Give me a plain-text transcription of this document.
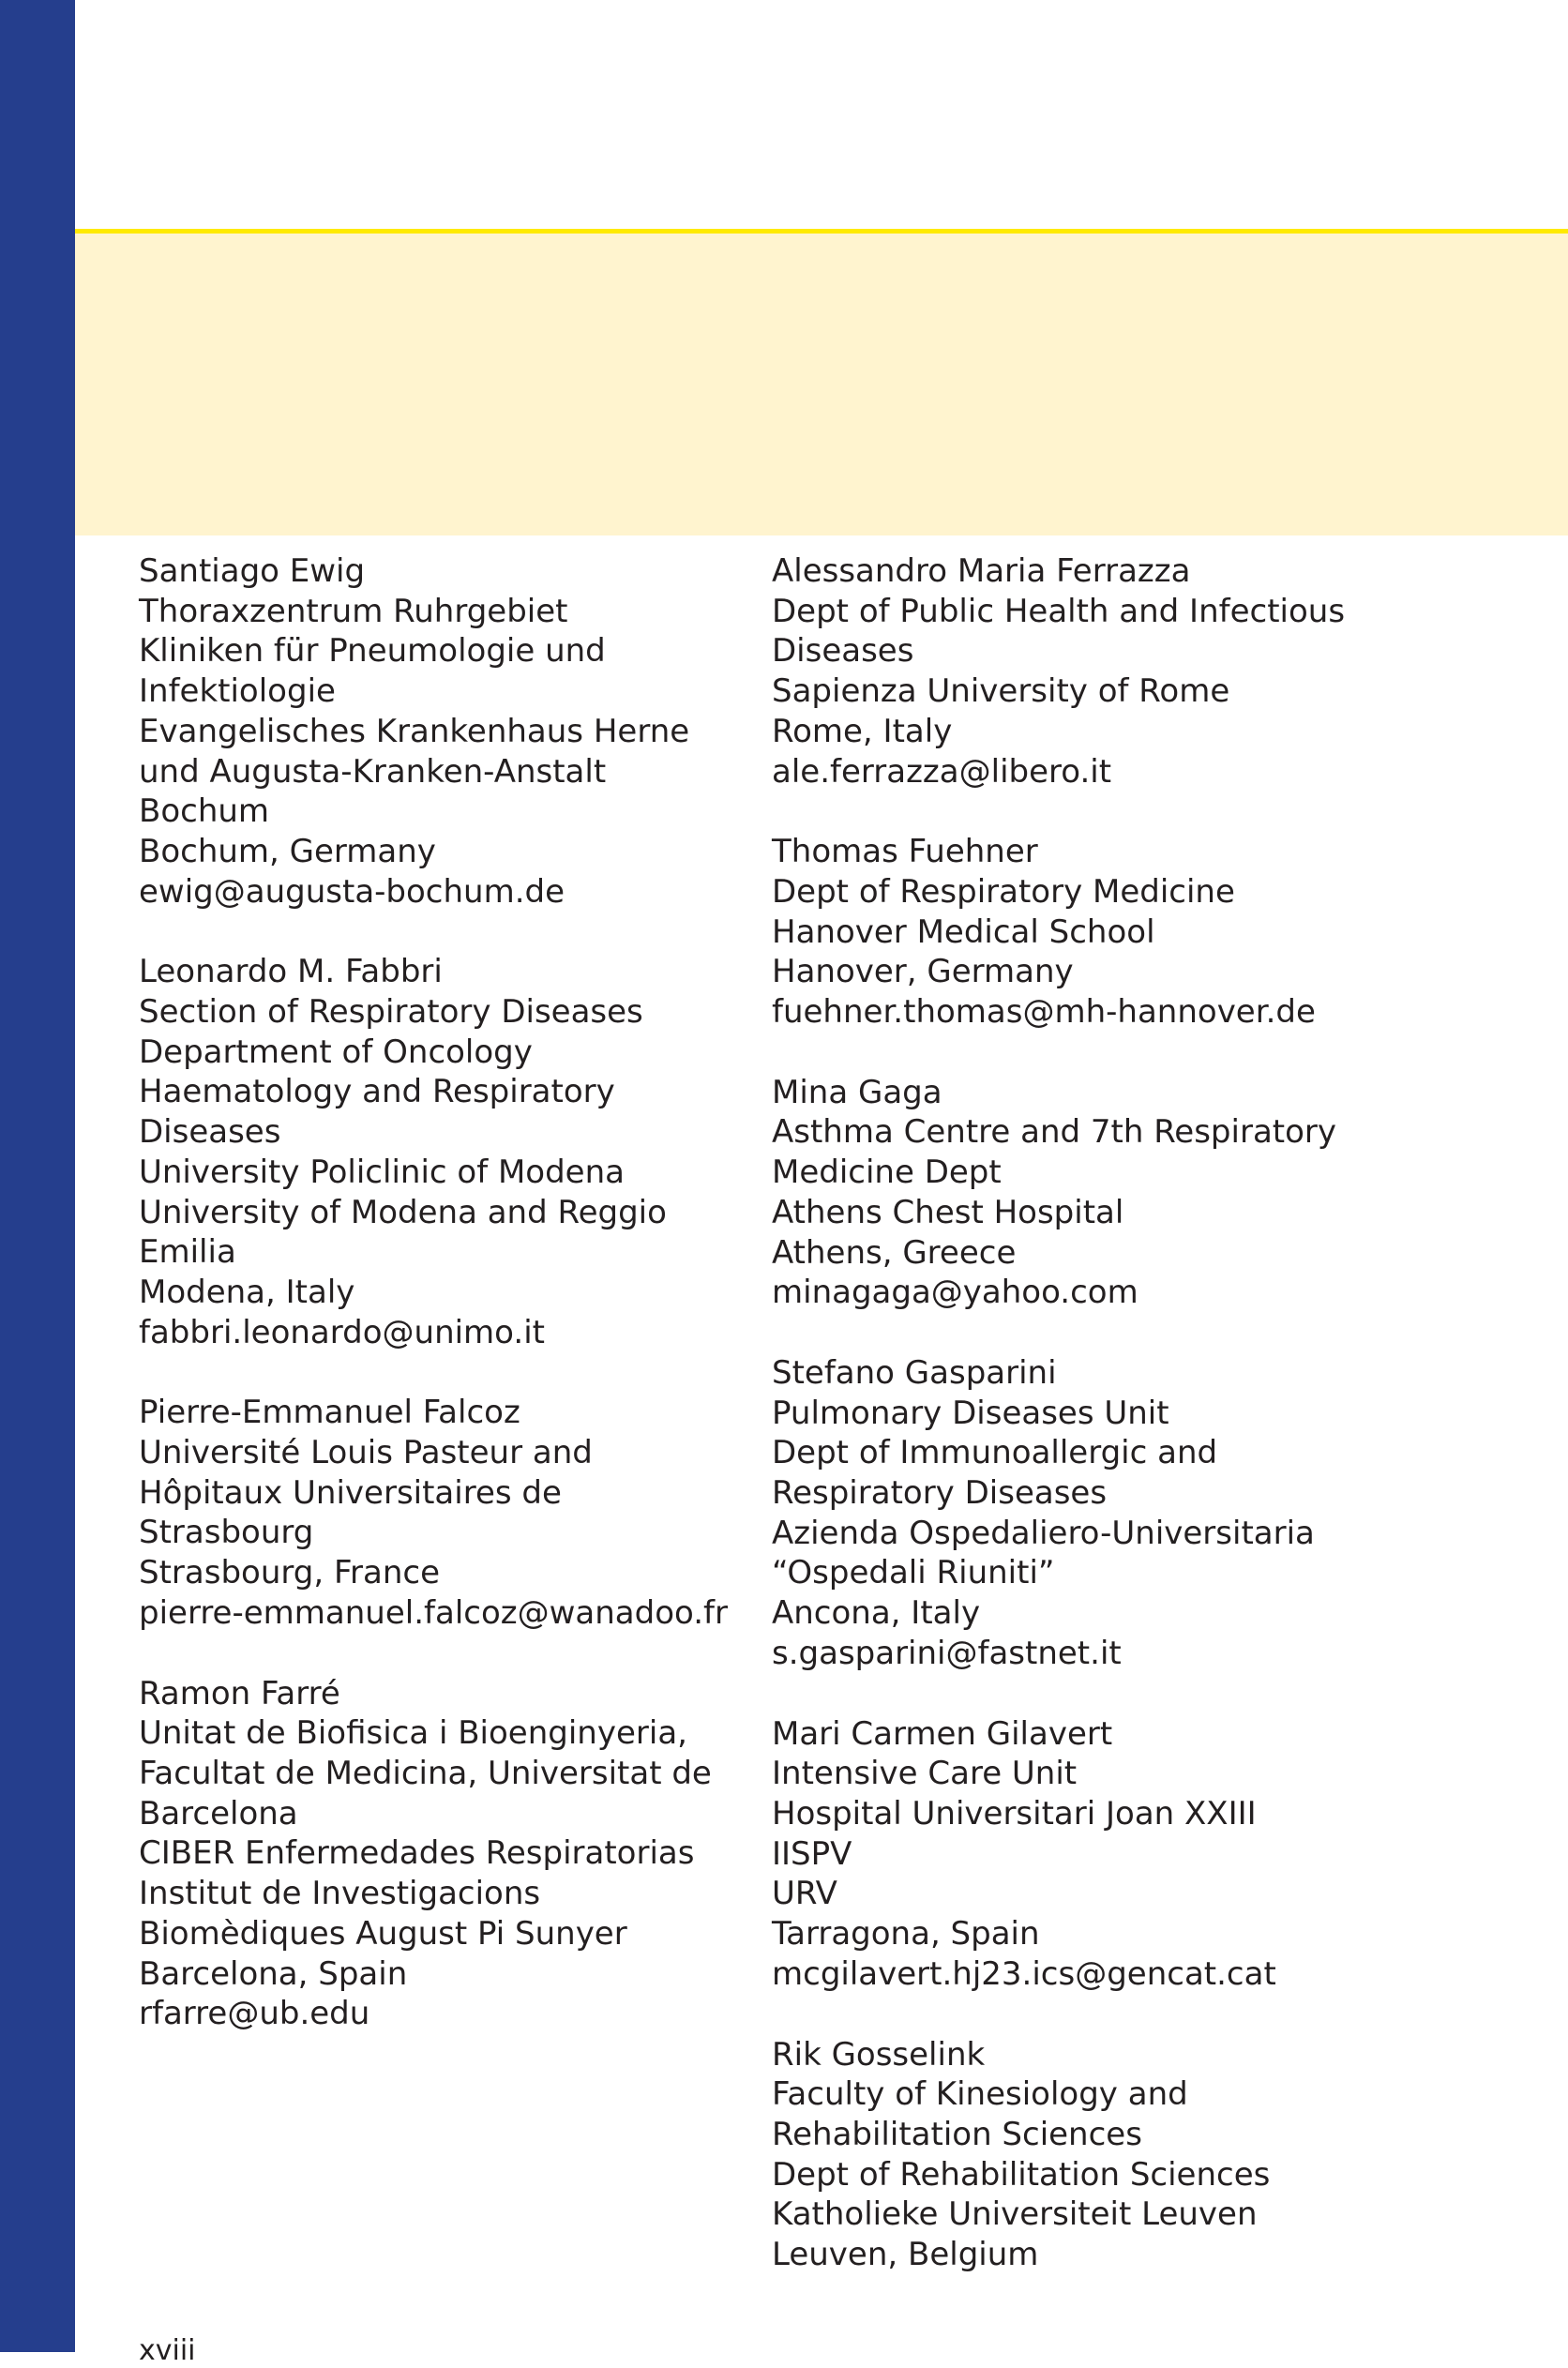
Santiago Ewig
Thoraxzentrum Ruhrgebiet
Kliniken für Pneumologie und
Infektiologie
Evangelisches Krankenhaus Herne
und Augusta-Kranken-Anstalt
Bochum
Bochum, Germany
ewig@augusta-bochum.de
Leonardo M. Fabbri
Section of Respiratory Diseases
Department of Oncology
Haematology and Respiratory
Diseases
University Policlinic of Modena
University of Modena and Reggio
Emilia
Modena, Italy
fabbri.leonardo@unimo.it
Pierre-Emmanuel Falcoz
Université Louis Pasteur and
Hôpitaux Universitaires de
Strasbourg
Strasbourg, France
pierre-emmanuel.falcoz@wanadoo.fr
Ramon Farré
Unitat de Biofisica i Bioenginyeria,
Facultat de Medicina, Universitat de
Barcelona
CIBER Enfermedades Respiratorias
Institut de Investigacions
Biomèdiques August Pi Sunyer
Barcelona, Spain
rfarre@ub.edu
Alessandro Maria Ferrazza
Dept of Public Health and Infectious
Diseases
Sapienza University of Rome
Rome, Italy
ale.ferrazza@libero.it
Thomas Fuehner
Dept of Respiratory Medicine
Hanover Medical School
Hanover, Germany
fuehner.thomas@mh-hannover.de
Mina Gaga
Asthma Centre and 7th Respiratory
Medicine Dept
Athens Chest Hospital
Athens, Greece
minagaga@yahoo.com
Stefano Gasparini
Pulmonary Diseases Unit
Dept of Immunoallergic and
Respiratory Diseases
Azienda Ospedaliero-Universitaria
“Ospedali Riuniti”
Ancona, Italy
s.gasparini@fastnet.it
Mari Carmen Gilavert
Intensive Care Unit
Hospital Universitari Joan XXIII
IISPV
URV
Tarragona, Spain
mcgilavert.hj23.ics@gencat.cat
Rik Gosselink
Faculty of Kinesiology and
Rehabilitation Sciences
Dept of Rehabilitation Sciences
Katholieke Universiteit Leuven
Leuven, Belgium
xviii
